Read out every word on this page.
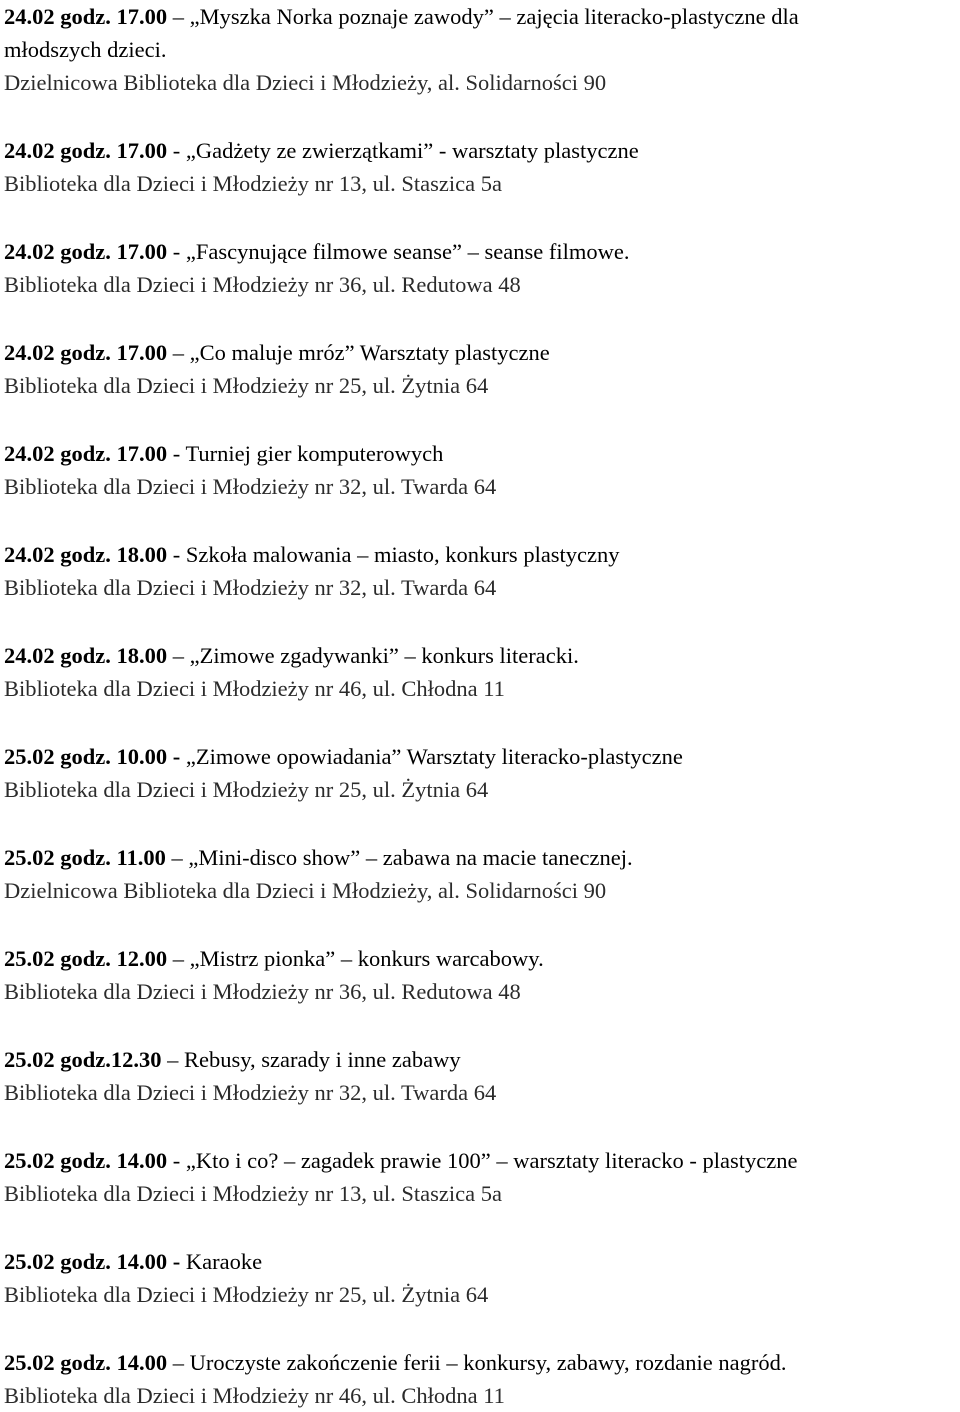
24.02 godz. 17.00 – „Myszka Norka poznaje zawody” – zajęcia literacko-plastyczne dla

młodszych dzieci.

Dzielnicowa Biblioteka dla Dzieci i Młodzieży, al. Solidarności 90

24.02 godz. 17.00 - „Gadżety ze zwierzątkami” - warsztaty plastyczne

Biblioteka dla Dzieci i Młodzieży nr 13, ul. Staszica 5a

24.02 godz. 17.00 - „Fascynujące filmowe seanse” – seanse filmowe.

Biblioteka dla Dzieci i Młodzieży nr 36, ul. Redutowa 48

24.02 godz. 17.00 – „Co maluje mróz” Warsztaty plastyczne

Biblioteka dla Dzieci i Młodzieży nr 25, ul. Żytnia 64

24.02 godz. 17.00 - Turniej gier komputerowych

Biblioteka dla Dzieci i Młodzieży nr 32, ul. Twarda 64

24.02 godz. 18.00 - Szkoła malowania – miasto, konkurs plastyczny

Biblioteka dla Dzieci i Młodzieży nr 32, ul. Twarda 64

24.02 godz. 18.00 – „Zimowe zgadywanki” – konkurs literacki.

Biblioteka dla Dzieci i Młodzieży nr 46, ul. Chłodna 11

25.02 godz. 10.00 - „Zimowe opowiadania” Warsztaty literacko-plastyczne

Biblioteka dla Dzieci i Młodzieży nr 25, ul. Żytnia 64

25.02 godz. 11.00 – „Mini-disco show” – zabawa na macie tanecznej.

Dzielnicowa Biblioteka dla Dzieci i Młodzieży, al. Solidarności 90

25.02 godz. 12.00 – „Mistrz pionka” – konkurs warcabowy.

Biblioteka dla Dzieci i Młodzieży nr 36, ul. Redutowa 48

25.02 godz.12.30 – Rebusy, szarady i inne zabawy

Biblioteka dla Dzieci i Młodzieży nr 32, ul. Twarda 64

25.02 godz. 14.00 - „Kto i co? – zagadek prawie 100” – warsztaty literacko - plastyczne

Biblioteka dla Dzieci i Młodzieży nr 13, ul. Staszica 5a

25.02 godz. 14.00 - Karaoke

Biblioteka dla Dzieci i Młodzieży nr 25, ul. Żytnia 64

25.02 godz. 14.00 – Uroczyste zakończenie ferii – konkursy, zabawy, rozdanie nagród.

Biblioteka dla Dzieci i Młodzieży nr 46, ul. Chłodna 11
